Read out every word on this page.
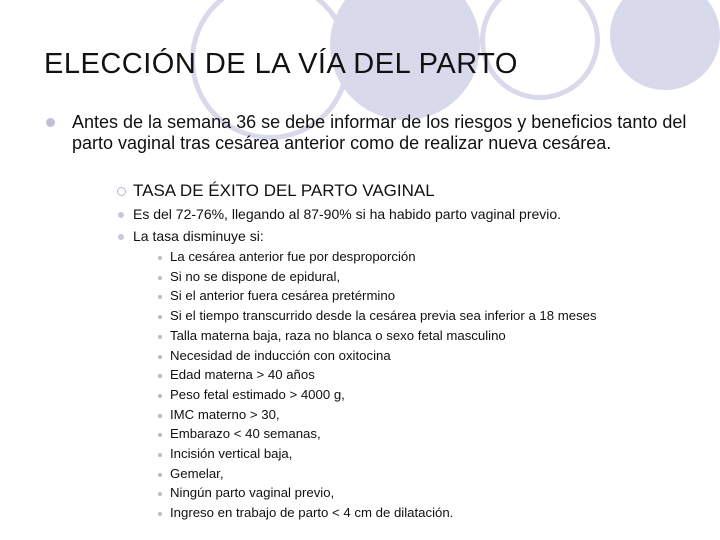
ELECCIÓN DE LA VÍA DEL PARTO
Antes de la semana 36 se debe informar de los riesgos y beneficios tanto del parto vaginal tras cesárea anterior como de realizar nueva cesárea.
TASA DE ÉXITO DEL PARTO VAGINAL
Es del 72-76%, llegando al 87-90% si ha habido parto vaginal previo.
La tasa disminuye si:
La cesárea anterior fue por desproporción
Si no se dispone de epidural,
Si el anterior fuera cesárea pretérmino
Si el tiempo transcurrido desde la cesárea previa sea inferior a 18 meses
Talla materna baja, raza no blanca o sexo fetal masculino
Necesidad de inducción con oxitocina
Edad materna > 40 años
Peso fetal estimado > 4000 g,
IMC materno > 30,
Embarazo < 40 semanas,
Incisión vertical baja,
Gemelar,
Ningún parto vaginal previo,
Ingreso en trabajo de parto < 4 cm de dilatación.
